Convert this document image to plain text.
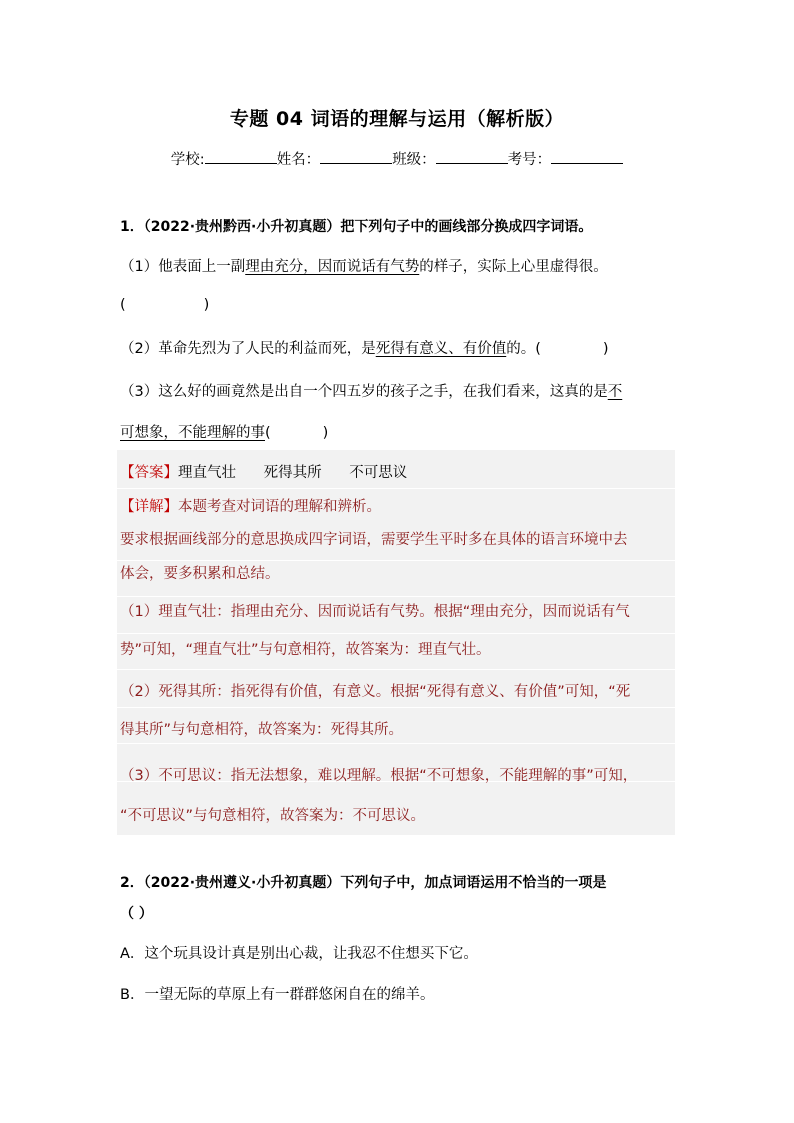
专题 04 词语的理解与运用（解析版）
学校:	姓名：	班级：	考号：
1．（2022·贵州黔西·小升初真题）把下列句子中的画线部分换成四字词语。
（1）他表面上一副理由充分，因而说话有气势的样子，实际上心里虚得很。
(	)
（2）革命先烈为了人民的利益而死，是死得有意义、有价值的。(	)
（3）这么好的画竟然是出自一个四五岁的孩子之手，在我们看来，这真的是不
可想象，不能理解的事(	)
【答案】理直气壮      死得其所      不可思议
【详解】本题考查对词语的理解和辨析。
要求根据画线部分的意思换成四字词语，需要学生平时多在具体的语言环境中去
体会，要多积累和总结。
（1）理直气壮：指理由充分、因而说话有气势。根据“理由充分，因而说话有气
势”可知，“理直气壮”与句意相符，故答案为：理直气壮。
（2）死得其所：指死得有价值，有意义。根据“死得有意义、有价值”可知，“死
得其所”与句意相符，故答案为：死得其所。
（3）不可思议：指无法想象，难以理解。根据“不可想象，不能理解的事”可知，
“不可思议”与句意相符，故答案为：不可思议。
2．（2022·贵州遵义·小升初真题）下列句子中，加点词语运用不恰当的一项是
（ ）
A．这个玩具设计真是别出心裁，让我忍不住想买下它。
B．一望无际的草原上有一群群悠闲自在的绵羊。
